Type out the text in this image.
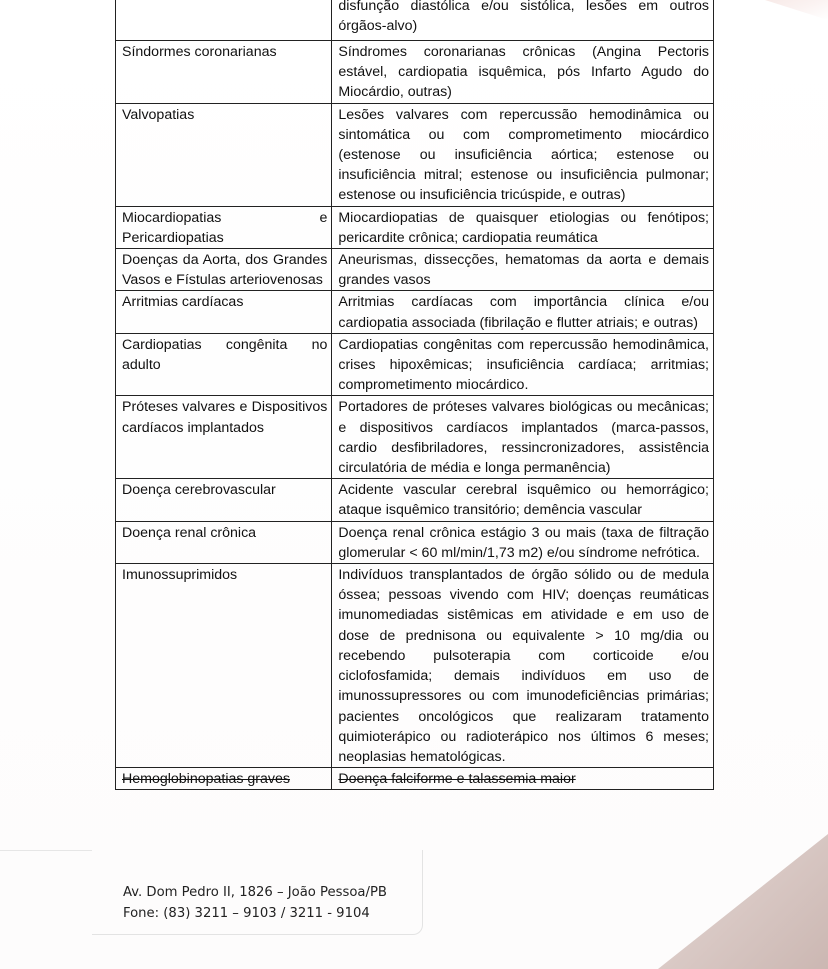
	disfunção diastólica e/ou sistólica, lesões em outros órgãos-alvo)
Síndormes coronarianas	Síndromes coronarianas crônicas (Angina Pectoris estável, cardiopatia isquêmica, pós Infarto Agudo do Miocárdio, outras)
Valvopatias	Lesões valvares com repercussão hemodinâmica ou sintomática ou com comprometimento miocárdico (estenose ou insuficiência aórtica; estenose ou insuficiência mitral; estenose ou insuficiência pulmonar; estenose ou insuficiência tricúspide, e outras)
Miocardiopatias e Pericardiopatias	Miocardiopatias de quaisquer etiologias ou fenótipos; pericardite crônica; cardiopatia reumática
Doenças da Aorta, dos Grandes Vasos e Fístulas arteriovenosas	Aneurismas, dissecções, hematomas da aorta e demais grandes vasos
Arritmias cardíacas	Arritmias cardíacas com importância clínica e/ou cardiopatia associada (fibrilação e flutter atriais; e outras)
Cardiopatias congênita no adulto	Cardiopatias congênitas com repercussão hemodinâmica, crises hipoxêmicas; insuficiência cardíaca; arritmias; comprometimento miocárdico.
Próteses valvares e Dispositivos cardíacos implantados	Portadores de próteses valvares biológicas ou mecânicas; e dispositivos cardíacos implantados (marca-passos, cardio desfibriladores, ressincronizadores, assistência circulatória de média e longa permanência)
Doença cerebrovascular	Acidente vascular cerebral isquêmico ou hemorrágico; ataque isquêmico transitório; demência vascular
Doença renal crônica	Doença renal crônica estágio 3 ou mais (taxa de filtração glomerular < 60 ml/min/1,73 m2) e/ou síndrome nefrótica.
Imunossuprimidos	Indivíduos transplantados de órgão sólido ou de medula óssea; pessoas vivendo com HIV; doenças reumáticas imunomediadas sistêmicas em atividade e em uso de dose de prednisona ou equivalente > 10 mg/dia ou recebendo pulsoterapia com corticoide e/ou ciclofosfamida; demais indivíduos em uso de imunossupressores ou com imunodeficiências primárias; pacientes oncológicos que realizaram tratamento quimioterápico ou radioterápico nos últimos 6 meses; neoplasias hematológicas.
Hemoglobinopatias graves	Doença falciforme e talassemia maior
Av. Dom Pedro II, 1826 – João Pessoa/PB
Fone: (83) 3211 – 9103 / 3211 - 9104
